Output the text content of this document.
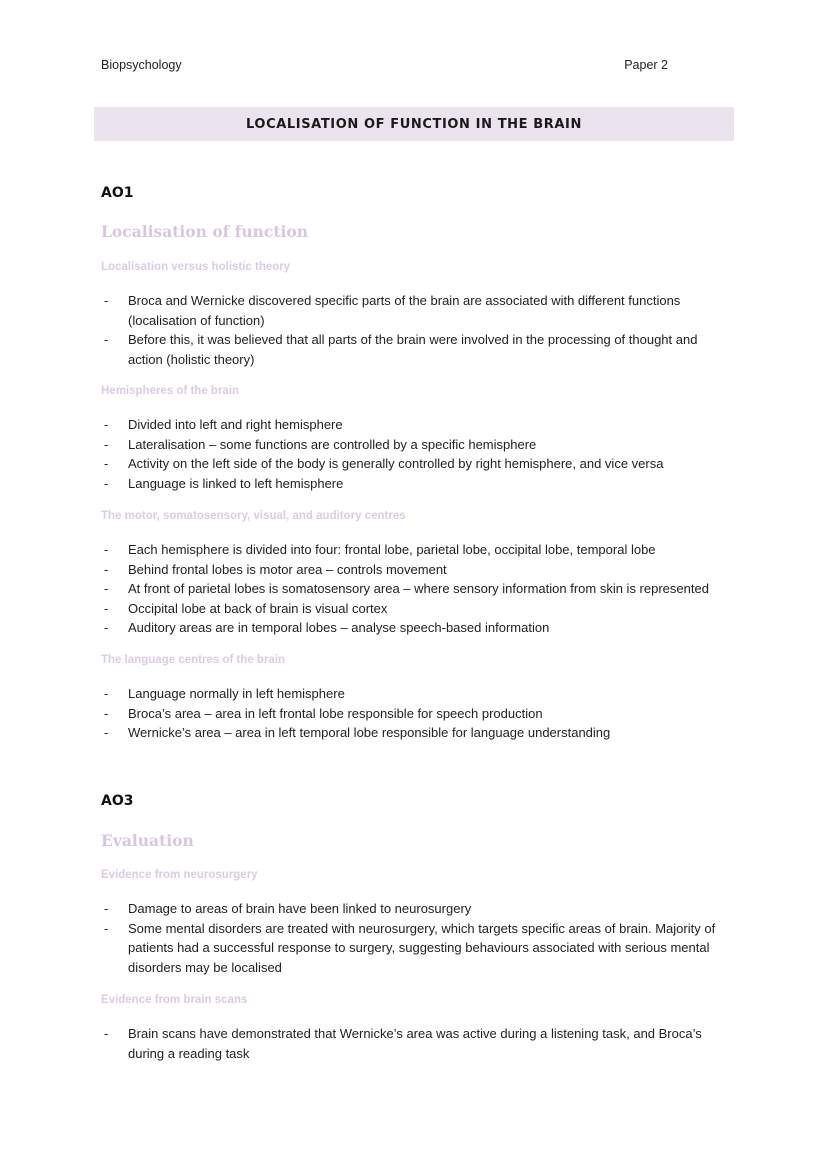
Biopsychology	Paper 2
LOCALISATION OF FUNCTION IN THE BRAIN
AO1
Localisation of function
Localisation versus holistic theory
- Broca and Wernicke discovered specific parts of the brain are associated with different functions (localisation of function)
- Before this, it was believed that all parts of the brain were involved in the processing of thought and action (holistic theory)
Hemispheres of the brain
- Divided into left and right hemisphere
- Lateralisation – some functions are controlled by a specific hemisphere
- Activity on the left side of the body is generally controlled by right hemisphere, and vice versa
- Language is linked to left hemisphere
The motor, somatosensory, visual, and auditory centres
- Each hemisphere is divided into four: frontal lobe, parietal lobe, occipital lobe, temporal lobe
- Behind frontal lobes is motor area – controls movement
- At front of parietal lobes is somatosensory area – where sensory information from skin is represented
- Occipital lobe at back of brain is visual cortex
- Auditory areas are in temporal lobes – analyse speech-based information
The language centres of the brain
- Language normally in left hemisphere
- Broca’s area – area in left frontal lobe responsible for speech production
- Wernicke’s area – area in left temporal lobe responsible for language understanding
AO3
Evaluation
Evidence from neurosurgery
- Damage to areas of brain have been linked to neurosurgery
- Some mental disorders are treated with neurosurgery, which targets specific areas of brain. Majority of patients had a successful response to surgery, suggesting behaviours associated with serious mental disorders may be localised
Evidence from brain scans
- Brain scans have demonstrated that Wernicke’s area was active during a listening task, and Broca’s during a reading task
